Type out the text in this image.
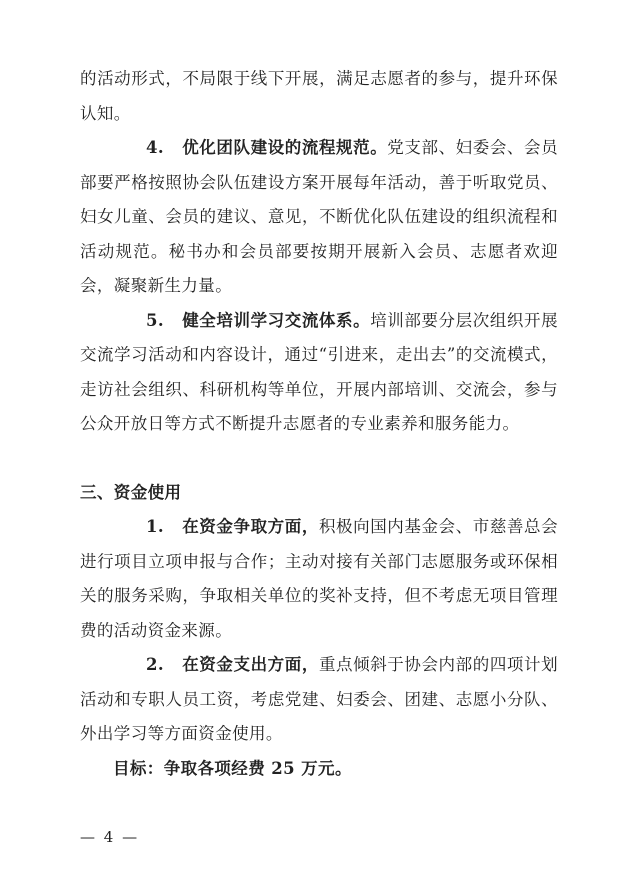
的活动形式，不局限于线下开展，满足志愿者的参与，提升环保认知。

4. 优化团队建设的流程规范。党支部、妇委会、会员部要严格按照协会队伍建设方案开展每年活动，善于听取党员、妇女儿童、会员的建议、意见，不断优化队伍建设的组织流程和活动规范。秘书办和会员部要按期开展新入会员、志愿者欢迎会，凝聚新生力量。

5. 健全培训学习交流体系。培训部要分层次组织开展交流学习活动和内容设计，通过“引进来，走出去”的交流模式，走访社会组织、科研机构等单位，开展内部培训、交流会，参与公众开放日等方式不断提升志愿者的专业素养和服务能力。

三、资金使用

1. 在资金争取方面，积极向国内基金会、市慈善总会进行项目立项申报与合作；主动对接有关部门志愿服务或环保相关的服务采购，争取相关单位的奖补支持，但不考虑无项目管理费的活动资金来源。

2. 在资金支出方面，重点倾斜于协会内部的四项计划活动和专职人员工资，考虑党建、妇委会、团建、志愿小分队、外出学习等方面资金使用。

目标：争取各项经费 25 万元。

— 4 —
